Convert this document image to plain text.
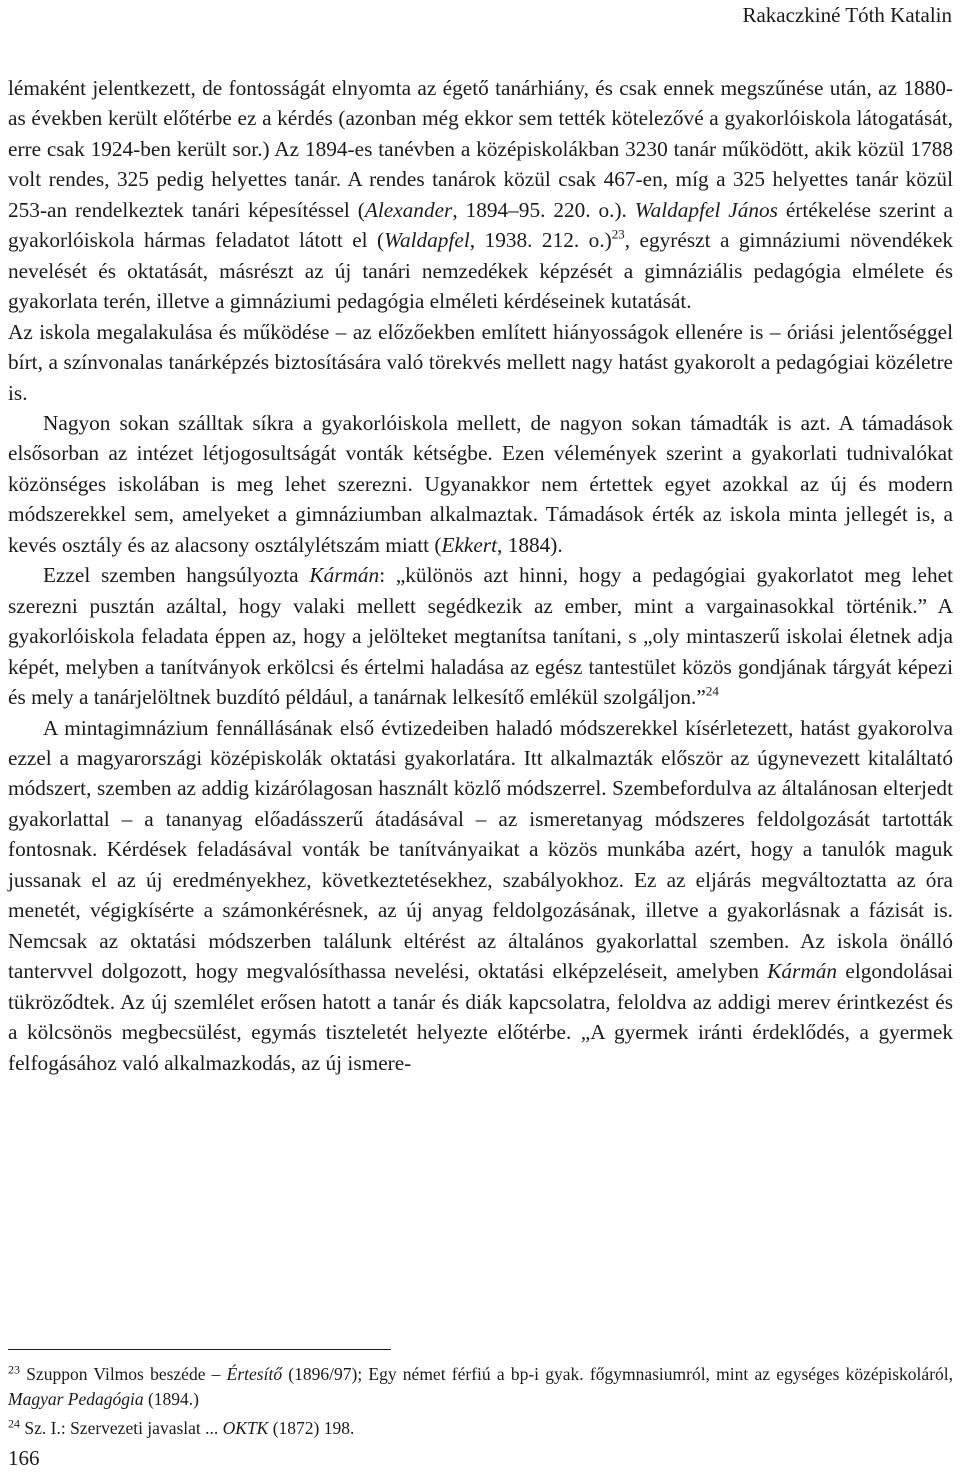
Rakaczkiné Tóth Katalin

lémaként jelentkezett, de fontosságát elnyomta az égető tanárhiány, és csak ennek megszűnése után, az 1880-as években került előtérbe ez a kérdés (azonban még ekkor sem tették kötelezővé a gyakorlóiskola látogatását, erre csak 1924-ben került sor.) Az 1894-es tanévben a középiskolákban 3230 tanár működött, akik közül 1788 volt rendes, 325 pedig helyettes tanár. A rendes tanárok közül csak 467-en, míg a 325 helyettes tanár közül 253-an rendelkeztek tanári képesítéssel (Alexander, 1894–95. 220. o.). Waldapfel János értékelése szerint a gyakorlóiskola hármas feladatot látott el (Waldapfel, 1938. 212. o.)$^{23}$, egyrészt a gimnáziumi növendékek nevelését és oktatását, másrészt az új tanári nemzedékek képzését a gimnáziális pedagógia elmélete és gyakorlata terén, illetve a gimnáziumi pedagógia elméleti kérdéseinek kutatását.

Az iskola megalakulása és működése – az előzőekben említett hiányosságok ellenére is – óriási jelentőséggel bírt, a színvonalas tanárképzés biztosítására való törekvés mellett nagy hatást gyakorolt a pedagógiai közéletre is.

Nagyon sokan szálltak síkra a gyakorlóiskola mellett, de nagyon sokan támadták is azt. A támadások elsősorban az intézet létjogosultságát vonták kétségbe. Ezen vélemények szerint a gyakorlati tudnivalókat közönséges iskolában is meg lehet szerezni. Ugyanakkor nem értettek egyet azokkal az új és modern módszerekkel sem, amelyeket a gimnáziumban alkalmaztak. Támadások érték az iskola minta jellegét is, a kevés osztály és az alacsony osztálylétszám miatt (Ekkert, 1884).

Ezzel szemben hangsúlyozta Kármán: „különös azt hinni, hogy a pedagógiai gyakorlatot meg lehet szerezni pusztán azáltal, hogy valaki mellett segédkezik az ember, mint a vargainasokkal történik.” A gyakorlóiskola feladata éppen az, hogy a jelölteket megtanítsa tanítani, s „oly mintaszerű iskolai életnek adja képét, melyben a tanítványok erkölcsi és értelmi haladása az egész tantestület közös gondjának tárgyát képezi és mely a tanárjelöltnek buzdító például, a tanárnak lelkesítő emlékül szolgáljon.”$^{24}$

A mintagimnázium fennállásának első évtizedeiben haladó módszerekkel kísérletezett, hatást gyakorolva ezzel a magyarországi középiskolák oktatási gyakorlatára. Itt alkalmazták először az úgynevezett kitaláltató módszert, szemben az addig kizárólagosan használt közlő módszerrel. Szembefordulva az általánosan elterjedt gyakorlattal – a tananyag előadásszerű átadásával – az ismeretanyag módszeres feldolgozását tartották fontosnak. Kérdések feladásával vonták be tanítványaikat a közös munkába azért, hogy a tanulók maguk jussanak el az új eredményekhez, következtetésekhez, szabályokhoz. Ez az eljárás megváltoztatta az óra menetét, végigkísérte a számonkérésnek, az új anyag feldolgozásának, illetve a gyakorlásnak a fázisát is. Nemcsak az oktatási módszerben találunk eltérést az általános gyakorlattal szemben. Az iskola önálló tantervvel dolgozott, hogy megvalósíthassa nevelési, oktatási elképzeléseit, amelyben Kármán elgondolásai tükröződtek. Az új szemlélet erősen hatott a tanár és diák kapcsolatra, feloldva az addigi merev érintkezést és a kölcsönös megbecsülést, egymás tiszteletét helyezte előtérbe. „A gyermek iránti érdeklődés, a gyermek felfogásához való alkalmazkodás, az új ismere-

$^{23}$ Szuppon Vilmos beszéde – Értesítő (1896/97); Egy német férfiú a bp-i gyak. főgymnasiumról, mint az egységes középiskoláról, Magyar Pedagógia (1894.)

$^{24}$ Sz. I.: Szervezeti javaslat ... OKTK (1872) 198.

166
